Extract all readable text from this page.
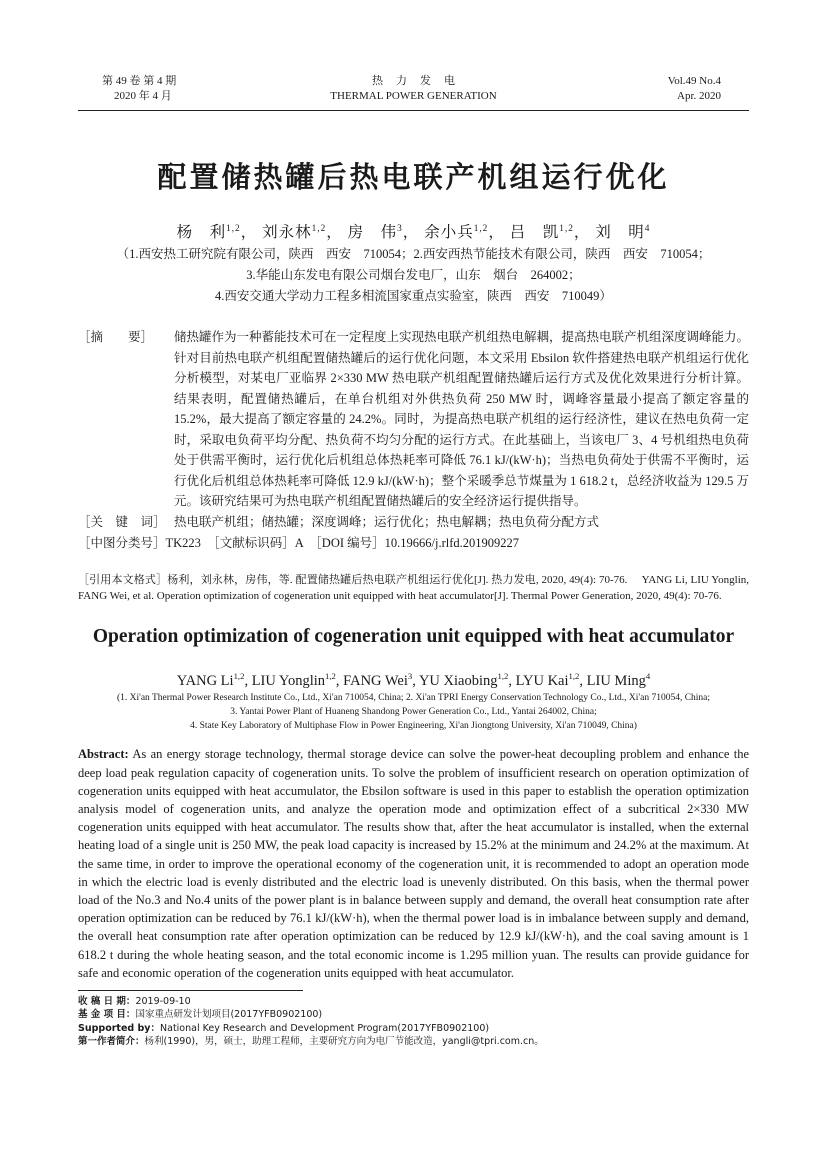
第 49 卷 第 4 期
2020 年 4 月
热力发电
THERMAL POWER GENERATION
Vol.49 No.4
Apr. 2020
配置储热罐后热电联产机组运行优化
杨　利$^{1,2}$， 刘永林$^{1,2}$， 房　伟$^3$， 余小兵$^{1,2}$， 吕　凯$^{1,2}$， 刘　明$^4$
（1.西安热工研究院有限公司，陕西　西安　710054；2.西安西热节能技术有限公司，陕西　西安　710054；
3.华能山东发电有限公司烟台发电厂，山东　烟台　264002；
4.西安交通大学动力工程多相流国家重点实验室，陕西　西安　710049）
［摘　　要］	储热罐作为一种蓄能技术可在一定程度上实现热电联产机组热电解耦，提高热电联产机组深度调峰能力。针对目前热电联产机组配置储热罐后的运行优化问题，本文采用 Ebsilon 软件搭建热电联产机组运行优化分析模型，对某电厂亚临界 2×330 MW 热电联产机组配置储热罐后运行方式及优化效果进行分析计算。结果表明，配置储热罐后，在单台机组对外供热负荷 250 MW 时，调峰容量最小提高了额定容量的 15.2%，最大提高了额定容量的 24.2%。同时，为提高热电联产机组的运行经济性，建议在热电负荷一定时，采取电负荷平均分配、热负荷不均匀分配的运行方式。在此基础上，当该电厂 3、4 号机组热电负荷处于供需平衡时，运行优化后机组总体热耗率可降低 76.1 kJ/(kW·h)；当热电负荷处于供需不平衡时，运行优化后机组总体热耗率可降低 12.9 kJ/(kW·h)；整个采暖季总节煤量为 1 618.2 t，总经济收益为 129.5 万元。该研究结果可为热电联产机组配置储热罐后的安全经济运行提供指导。
［关　键　词］ 热电联产机组；储热罐；深度调峰；运行优化；热电解耦；热电负荷分配方式
［中图分类号］TK223 ［文献标识码］A ［DOI 编号］10.19666/j.rlfd.201909227
［引用本文格式］杨利，刘永林，房伟，等. 配置储热罐后热电联产机组运行优化[J]. 热力发电, 2020, 49(4): 70-76.　 YANG Li, LIU Yonglin, FANG Wei, et al. Operation optimization of cogeneration unit equipped with heat accumulator[J]. Thermal Power Generation, 2020, 49(4): 70-76.
Operation optimization of cogeneration unit equipped with heat accumulator
YANG Li$^{1,2}$, LIU Yonglin$^{1,2}$, FANG Wei$^3$, YU Xiaobing$^{1,2}$, LYU Kai$^{1,2}$, LIU Ming$^4$
(1. Xi'an Thermal Power Research Institute Co., Ltd., Xi'an 710054, China; 2. Xi'an TPRI Energy Conservation Technology Co., Ltd., Xi'an 710054, China;
3. Yantai Power Plant of Huaneng Shandong Power Generation Co., Ltd., Yantai 264002, China;
4. State Key Laboratory of Multiphase Flow in Power Engineering, Xi'an Jiongtong University, Xi'an 710049, China)
Abstract: As an energy storage technology, thermal storage device can solve the power-heat decoupling problem and enhance the deep load peak regulation capacity of cogeneration units. To solve the problem of insufficient research on operation optimization of cogeneration units equipped with heat accumulator, the Ebsilon software is used in this paper to establish the operation optimization analysis model of cogeneration units, and analyze the operation mode and optimization effect of a subcritical 2×330 MW cogeneration units equipped with heat accumulator. The results show that, after the heat accumulator is installed, when the external heating load of a single unit is 250 MW, the peak load capacity is increased by 15.2% at the minimum and 24.2% at the maximum. At the same time, in order to improve the operational economy of the cogeneration unit, it is recommended to adopt an operation mode in which the electric load is evenly distributed and the electric load is unevenly distributed. On this basis, when the thermal power load of the No.3 and No.4 units of the power plant is in balance between supply and demand, the overall heat consumption rate after operation optimization can be reduced by 76.1 kJ/(kW·h), when the thermal power load is in imbalance between supply and demand, the overall heat consumption rate after operation optimization can be reduced by 12.9 kJ/(kW·h), and the coal saving amount is 1 618.2 t during the whole heating season, and the total economic income is 1.295 million yuan. The results can provide guidance for safe and economic operation of the cogeneration units equipped with heat accumulator.
收 稿 日 期：2019-09-10
基 金 项 目：国家重点研发计划项目(2017YFB0902100)
Supported by：National Key Research and Development Program(2017YFB0902100)
第一作者简介：杨利(1990)，男，硕士，助理工程师，主要研究方向为电厂节能改造，yangli@tpri.com.cn。
